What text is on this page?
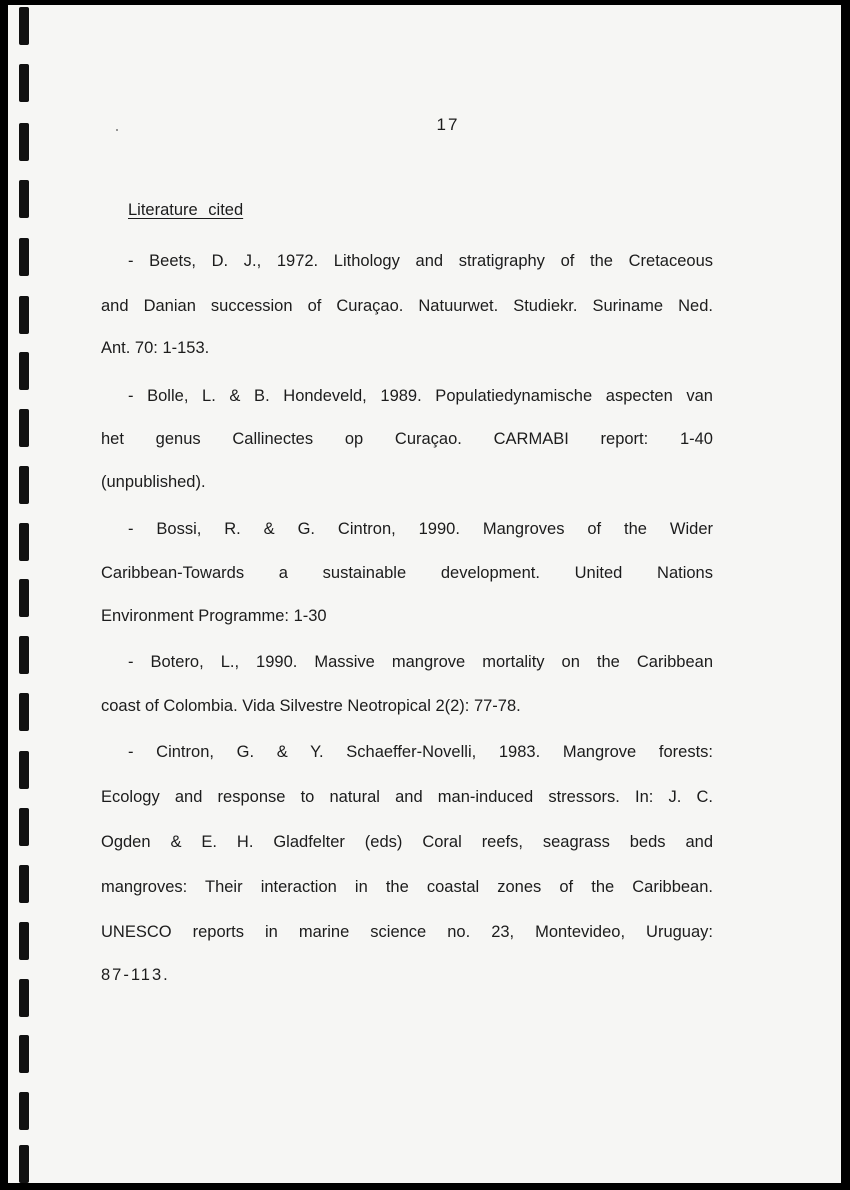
17
Literature cited
- Beets, D. J., 1972. Lithology and stratigraphy of the Cretaceous
and Danian succession of Curaçao. Natuurwet. Studiekr. Suriname Ned.
Ant. 70: 1-153.
- Bolle, L. & B. Hondeveld, 1989. Populatiedynamische aspecten van
het genus Callinectes op Curaçao. CARMABI report: 1-40
(unpublished).
- Bossi, R. & G. Cintron, 1990. Mangroves of the Wider
Caribbean-Towards a sustainable development. United Nations
Environment Programme: 1-30
- Botero, L., 1990. Massive mangrove mortality on the Caribbean
coast of Colombia. Vida Silvestre Neotropical 2(2): 77-78.
- Cintron, G. & Y. Schaeffer-Novelli, 1983. Mangrove forests:
Ecology and response to natural and man-induced stressors. In: J. C.
Ogden & E. H. Gladfelter (eds) Coral reefs, seagrass beds and
mangroves: Their interaction in the coastal zones of the Caribbean.
UNESCO reports in marine science no. 23, Montevideo, Uruguay:
87-113.
